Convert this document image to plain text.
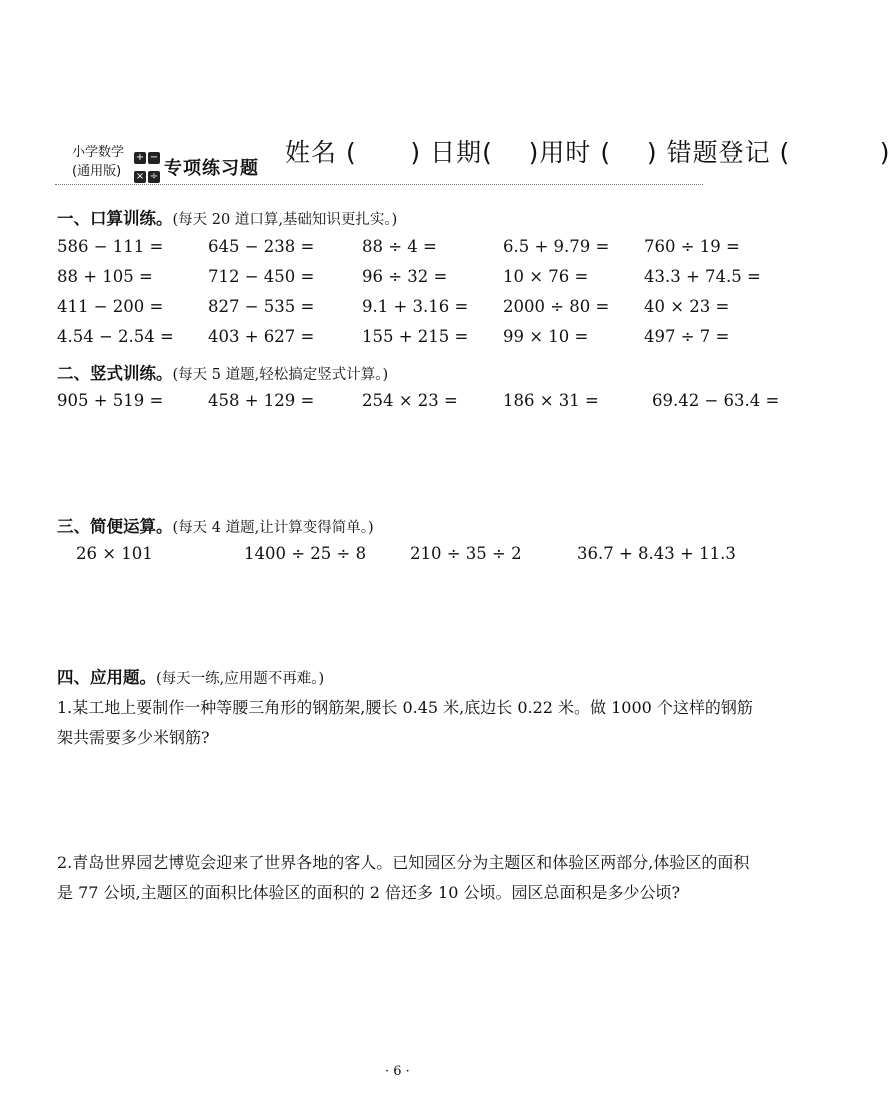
小学数学
(通用版)
+ −
× ÷ 专项练习题
姓名 (      ) 日期(    )用时 (    ) 错题登记 (          )
一、口算训练。(每天 20 道口算,基础知识更扎实。)
586 − 111 =	645 − 238 =	88 ÷ 4 =	6.5 + 9.79 = 760 ÷ 19 =
88 + 105 =	712 − 450 =	96 ÷ 32 =	10 × 76 =	43.3 + 74.5 =
411 − 200 =	827 − 535 =	9.1 + 3.16 = 2000 ÷ 80 = 40 × 23 =
4.54 − 2.54 = 403 + 627 =	155 + 215 = 99 × 10 =	497 ÷ 7 =
二、竖式训练。(每天 5 道题,轻松搞定竖式计算。)
905 + 519 =	458 + 129 =	254 × 23 =	186 × 31 =	69.42 − 63.4 =
三、简便运算。(每天 4 道题,让计算变得简单。)
26 × 101	1400 ÷ 25 ÷ 8	210 ÷ 35 ÷ 2	36.7 + 8.43 + 11.3
四、应用题。(每天一练,应用题不再难。)
1.某工地上要制作一种等腰三角形的钢筋架,腰长 0.45 米,底边长 0.22 米。做 1000 个这样的钢筋架共需要多少米钢筋?
2.青岛世界园艺博览会迎来了世界各地的客人。已知园区分为主题区和体验区两部分,体验区的面积是 77 公顷,主题区的面积比体验区的面积的 2 倍还多 10 公顷。园区总面积是多少公顷?
· 6 ·
